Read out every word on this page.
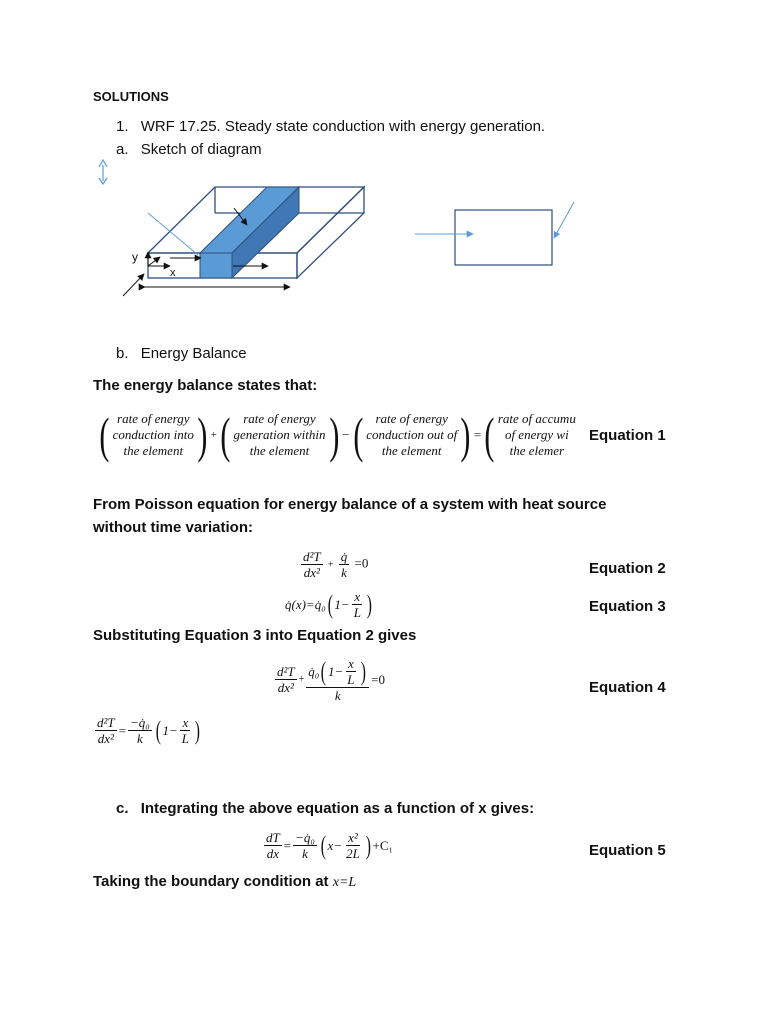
SOLUTIONS
1. WRF 17.25. Steady state conduction with energy generation.
a. Sketch of diagram
y
x
b. Energy Balance
The energy balance states that:
( rate of energy
conduction into
the element ) + ( rate of energy
generation within
the element ) − ( rate of energy
conduction out of
the element ) = ( rate of accumu
of energy wi
the elemer
Equation 1
From Poisson equation for energy balance of a system with heat source
without time variation:
$\frac{\text{d²T}}{\text{dx²}} + \frac{q̇}{k} =0$	Equation 2
q̇(x)=q̇₀ ( $1- \frac{x}{L}$ )	Equation 3
Substituting Equation 3 into Equation 2 gives
$\frac{\text{d²T}}{\text{dx²}} + \frac{q̇_0 ( 1- \frac{x}{L} )}{k} =0$	Equation 4
$\frac{\text{d²T}}{\text{dx²}} = \frac{\text{−q̇₀}}{k}$ ( $1- \frac{x}{L}$ )
c. Integrating the above equation as a function of x gives:
$\frac{dT}{dx} = \frac{\text{−q̇₀}}{k}$ ( $x- \frac{\text{x²}}{2L}$ ) +C₁	Equation 5
Taking the boundary condition at x=L
